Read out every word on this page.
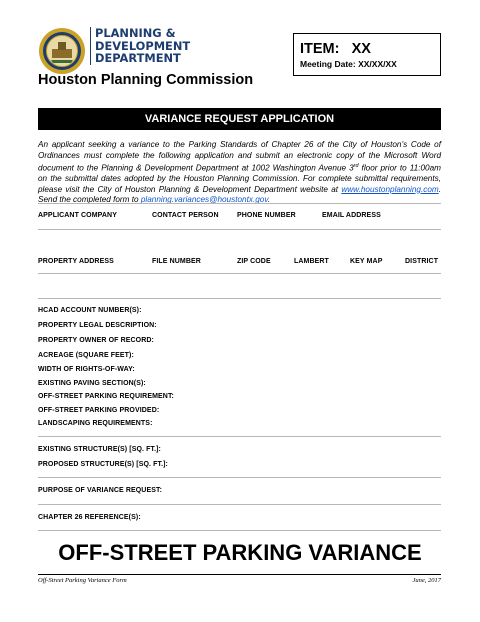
PLANNING &
DEVELOPMENT
DEPARTMENT
Houston Planning Commission
ITEM: XX
Meeting Date: XX/XX/XX
VARIANCE REQUEST APPLICATION
An applicant seeking a variance to the Parking Standards of Chapter 26 of the City of Houston’s Code of Ordinances must complete the following application and submit an electronic copy of the Microsoft Word document to the Planning & Development Department at 1002 Washington Avenue 3rd floor prior to 11:00am on the submittal dates adopted by the Houston Planning Commission. For complete submittal requirements, please visit the City of Houston Planning & Development Department website at www.houstonplanning.com. Send the completed form to planning.variances@houstontx.gov.
APPLICANT COMPANY	CONTACT PERSON	PHONE NUMBER	EMAIL ADDRESS
PROPERTY ADDRESS	FILE NUMBER	ZIP CODE	LAMBERT	KEY MAP	DISTRICT
HCAD ACCOUNT NUMBER(S):
PROPERTY LEGAL DESCRIPTION:
PROPERTY OWNER OF RECORD:
ACREAGE (SQUARE FEET):
WIDTH OF RIGHTS-OF-WAY:
EXISTING PAVING SECTION(S):
OFF-STREET PARKING REQUIREMENT:
OFF-STREET PARKING PROVIDED:
LANDSCAPING REQUIREMENTS:
EXISTING STRUCTURE(S) [SQ. FT.]:
PROPOSED STRUCTURE(S) [SQ. FT.]:
PURPOSE OF VARIANCE REQUEST:
CHAPTER 26 REFERENCE(S):
OFF-STREET PARKING VARIANCE
Off-Street Parking Variance Form	June, 2017
